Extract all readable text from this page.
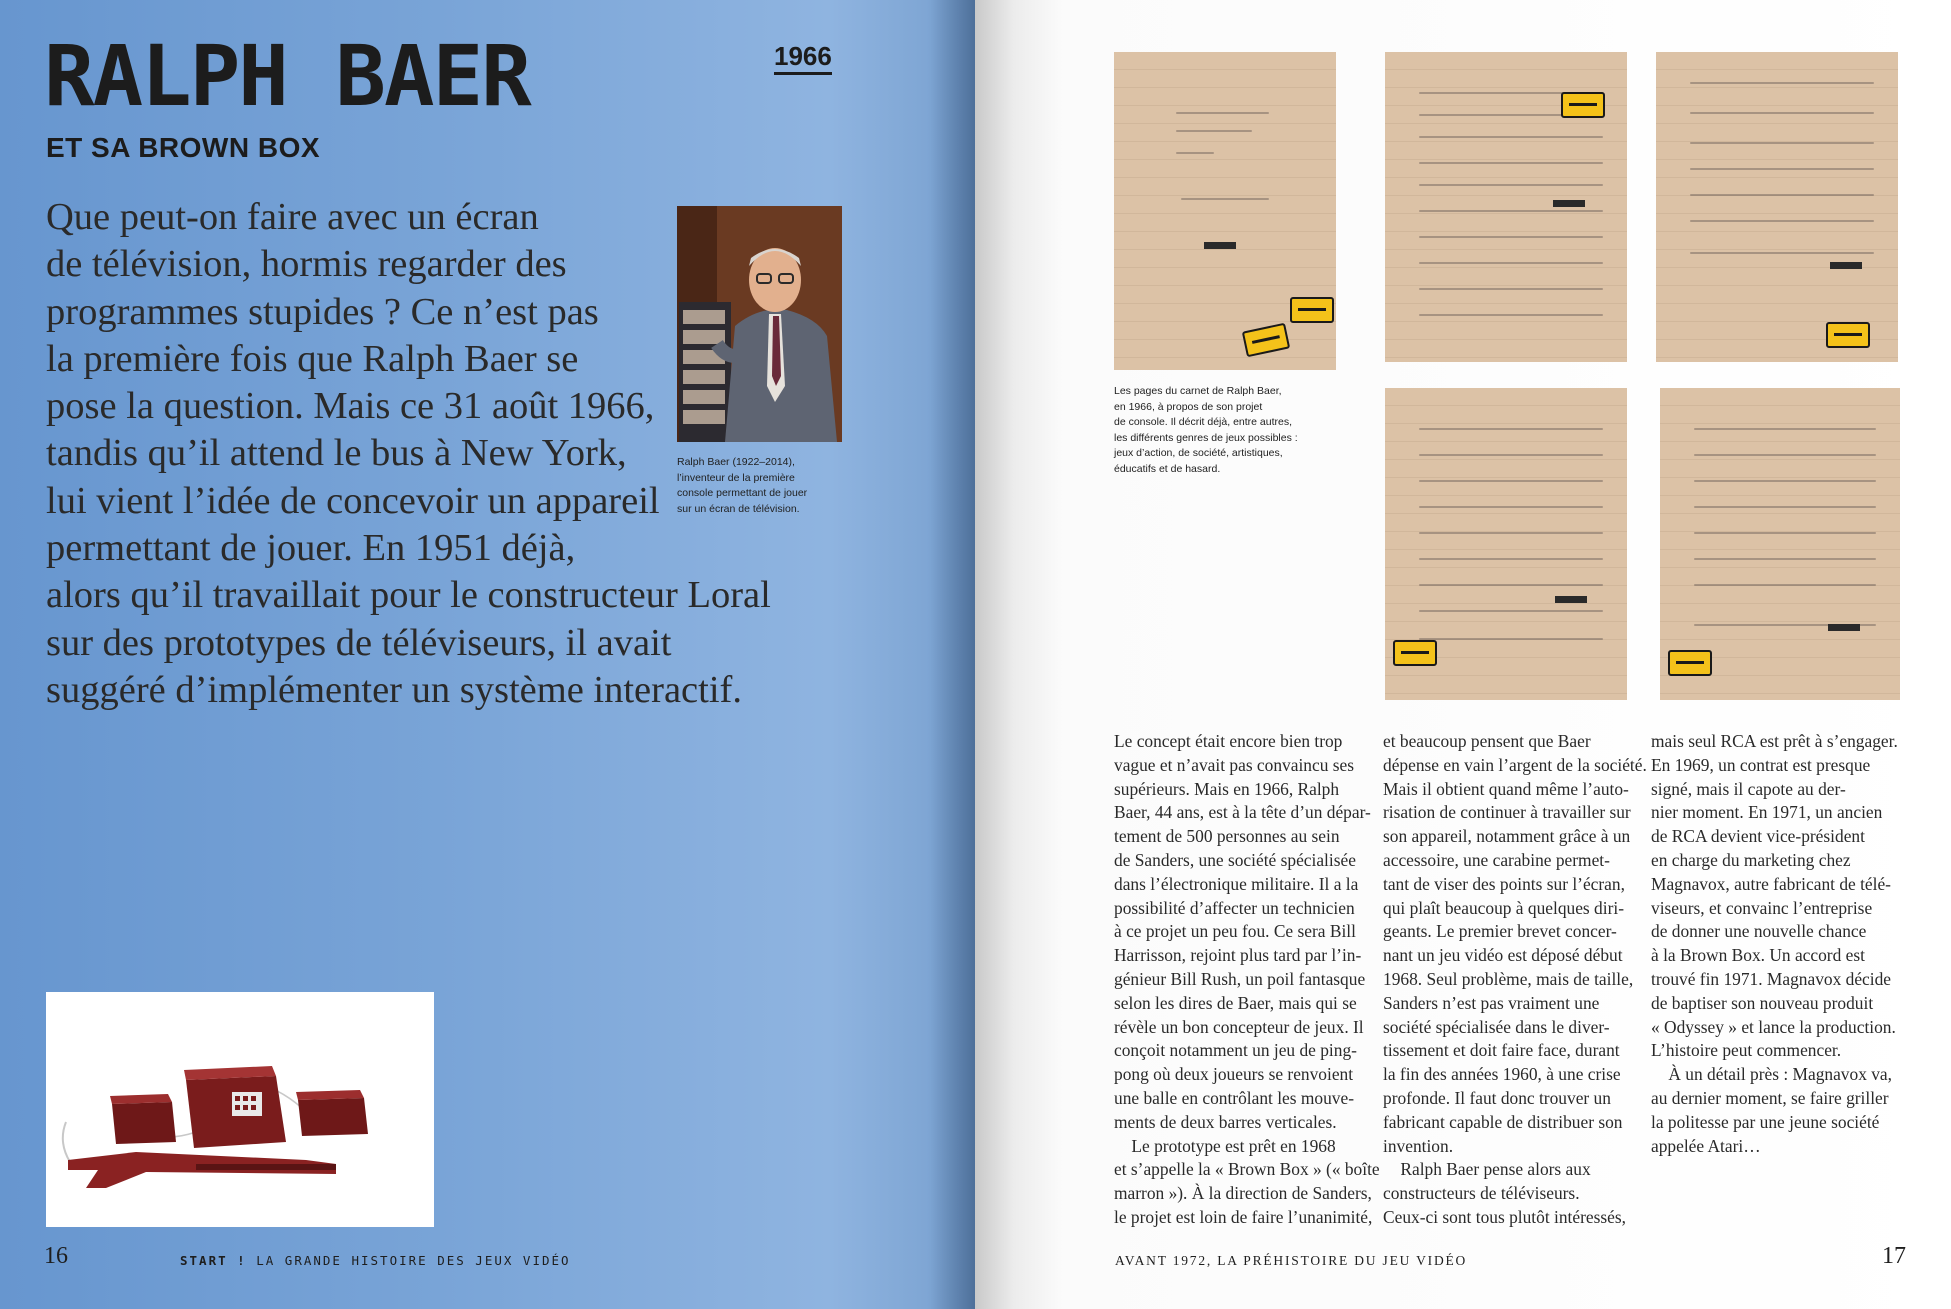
RALPH BAER
ET SA BROWN BOX
1966
Que peut-on faire avec un écran
de télévision, hormis regarder des
programmes stupides ? Ce n’est pas
la première fois que Ralph Baer se
pose la question. Mais ce 31 août 1966,
tandis qu’il attend le bus à New York,
lui vient l’idée de concevoir un appareil
permettant de jouer. En 1951 déjà,
alors qu’il travaillait pour le constructeur Loral
sur des prototypes de téléviseurs, il avait
suggéré d’implémenter un système interactif.
Ralph Baer (1922–2014),
l’inventeur de la première
console permettant de jouer
sur un écran de télévision.
16	START ! LA GRANDE HISTOIRE DES JEUX VIDÉO
Les pages du carnet de Ralph Baer,
en 1966, à propos de son projet
de console. Il décrit déjà, entre autres,
les différents genres de jeux possibles :
jeux d’action, de société, artistiques,
éducatifs et de hasard.
Le concept était encore bien trop
vague et n’avait pas convaincu ses
supérieurs. Mais en 1966, Ralph
Baer, 44 ans, est à la tête d’un dépar-
tement de 500 personnes au sein
de Sanders, une société spécialisée
dans l’électronique militaire. Il a la
possibilité d’affecter un technicien
à ce projet un peu fou. Ce sera Bill
Harrisson, rejoint plus tard par l’in-
génieur Bill Rush, un poil fantasque
selon les dires de Baer, mais qui se
révèle un bon concepteur de jeux. Il
conçoit notamment un jeu de ping-
pong où deux joueurs se renvoient
une balle en contrôlant les mouve-
ments de deux barres verticales.
Le prototype est prêt en 1968
et s’appelle la « Brown Box » (« boîte
marron »). À la direction de Sanders,
le projet est loin de faire l’unanimité,
et beaucoup pensent que Baer
dépense en vain l’argent de la société.
Mais il obtient quand même l’auto-
risation de continuer à travailler sur
son appareil, notamment grâce à un
accessoire, une carabine permet-
tant de viser des points sur l’écran,
qui plaît beaucoup à quelques diri-
geants. Le premier brevet concer-
nant un jeu vidéo est déposé début
1968. Seul problème, mais de taille,
Sanders n’est pas vraiment une
société spécialisée dans le diver-
tissement et doit faire face, durant
la fin des années 1960, à une crise
profonde. Il faut donc trouver un
fabricant capable de distribuer son
invention.
Ralph Baer pense alors aux
constructeurs de téléviseurs.
Ceux-ci sont tous plutôt intéressés,
mais seul RCA est prêt à s’engager.
En 1969, un contrat est presque
signé, mais il capote au der-
nier moment. En 1971, un ancien
de RCA devient vice-président
en charge du marketing chez
Magnavox, autre fabricant de télé-
viseurs, et convainc l’entreprise
de donner une nouvelle chance
à la Brown Box. Un accord est
trouvé fin 1971. Magnavox décide
de baptiser son nouveau produit
« Odyssey » et lance la production.
L’histoire peut commencer.
À un détail près : Magnavox va,
au dernier moment, se faire griller
la politesse par une jeune société
appelée Atari…
AVANT 1972, LA PRÉHISTOIRE DU JEU VIDÉO	17
